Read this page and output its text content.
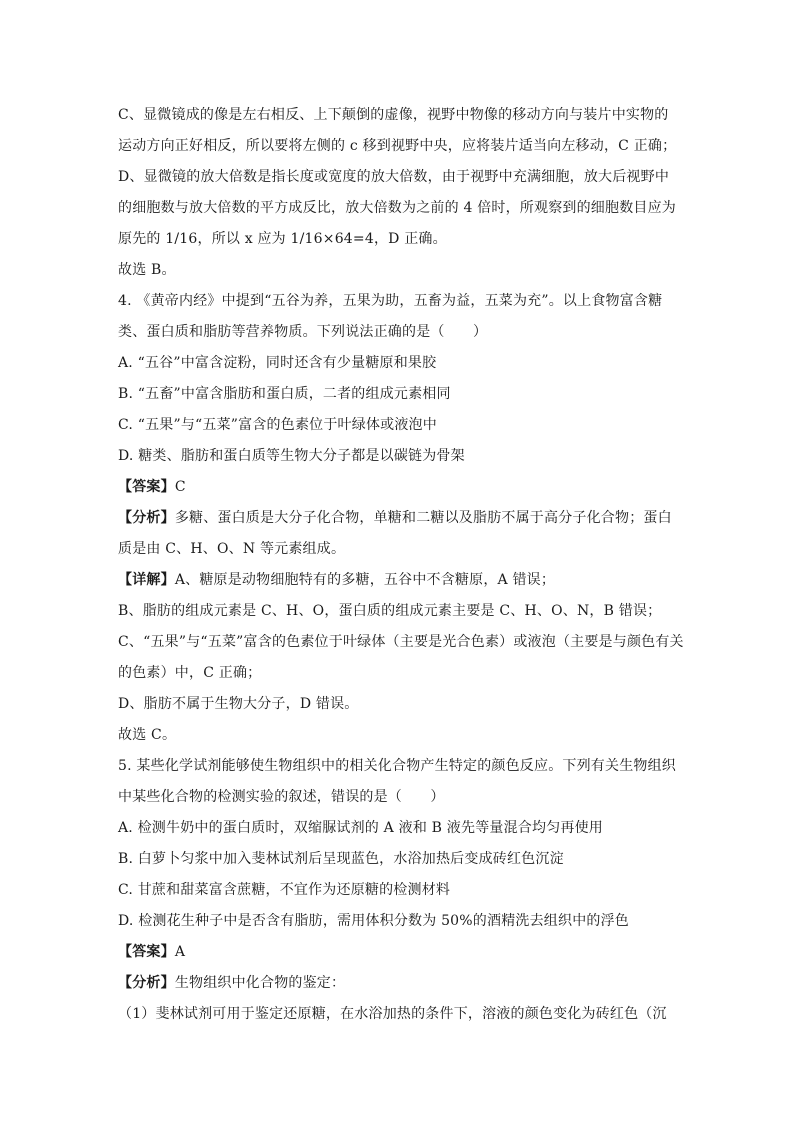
C、显微镜成的像是左右相反、上下颠倒的虚像，视野中物像的移动方向与装片中实物的
运动方向正好相反，所以要将左侧的 c 移到视野中央，应将装片适当向左移动，C 正确；
D、显微镜的放大倍数是指长度或宽度的放大倍数，由于视野中充满细胞，放大后视野中
的细胞数与放大倍数的平方成反比，放大倍数为之前的 4 倍时，所观察到的细胞数目应为
原先的 1/16，所以 x 应为 1/16×64=4，D 正确。
故选 B。
4. 《黄帝内经》中提到“五谷为养，五果为助，五畜为益，五菜为充”。以上食物富含糖
类、蛋白质和脂肪等营养物质。下列说法正确的是（　　）
A. “五谷”中富含淀粉，同时还含有少量糖原和果胶
B. “五畜”中富含脂肪和蛋白质，二者的组成元素相同
C. “五果”与“五菜”富含的色素位于叶绿体或液泡中
D. 糖类、脂肪和蛋白质等生物大分子都是以碳链为骨架
【答案】C
【分析】多糖、蛋白质是大分子化合物，单糖和二糖以及脂肪不属于高分子化合物；蛋白
质是由 C、H、O、N 等元素组成。
【详解】A、糖原是动物细胞特有的多糖，五谷中不含糖原，A 错误；
B、脂肪的组成元素是 C、H、O，蛋白质的组成元素主要是 C、H、O、N，B 错误；
C、“五果”与“五菜”富含的色素位于叶绿体（主要是光合色素）或液泡（主要是与颜色有关
的色素）中，C 正确；
D、脂肪不属于生物大分子，D 错误。
故选 C。
5. 某些化学试剂能够使生物组织中的相关化合物产生特定的颜色反应。下列有关生物组织
中某些化合物的检测实验的叙述，错误的是（　　）
A. 检测牛奶中的蛋白质时，双缩脲试剂的 A 液和 B 液先等量混合均匀再使用
B. 白萝卜匀浆中加入斐林试剂后呈现蓝色，水浴加热后变成砖红色沉淀
C. 甘蔗和甜菜富含蔗糖，不宜作为还原糖的检测材料
D. 检测花生种子中是否含有脂肪，需用体积分数为 50%的酒精洗去组织中的浮色
【答案】A
【分析】生物组织中化合物的鉴定：
（1）斐林试剂可用于鉴定还原糖，在水浴加热的条件下，溶液的颜色变化为砖红色（沉
